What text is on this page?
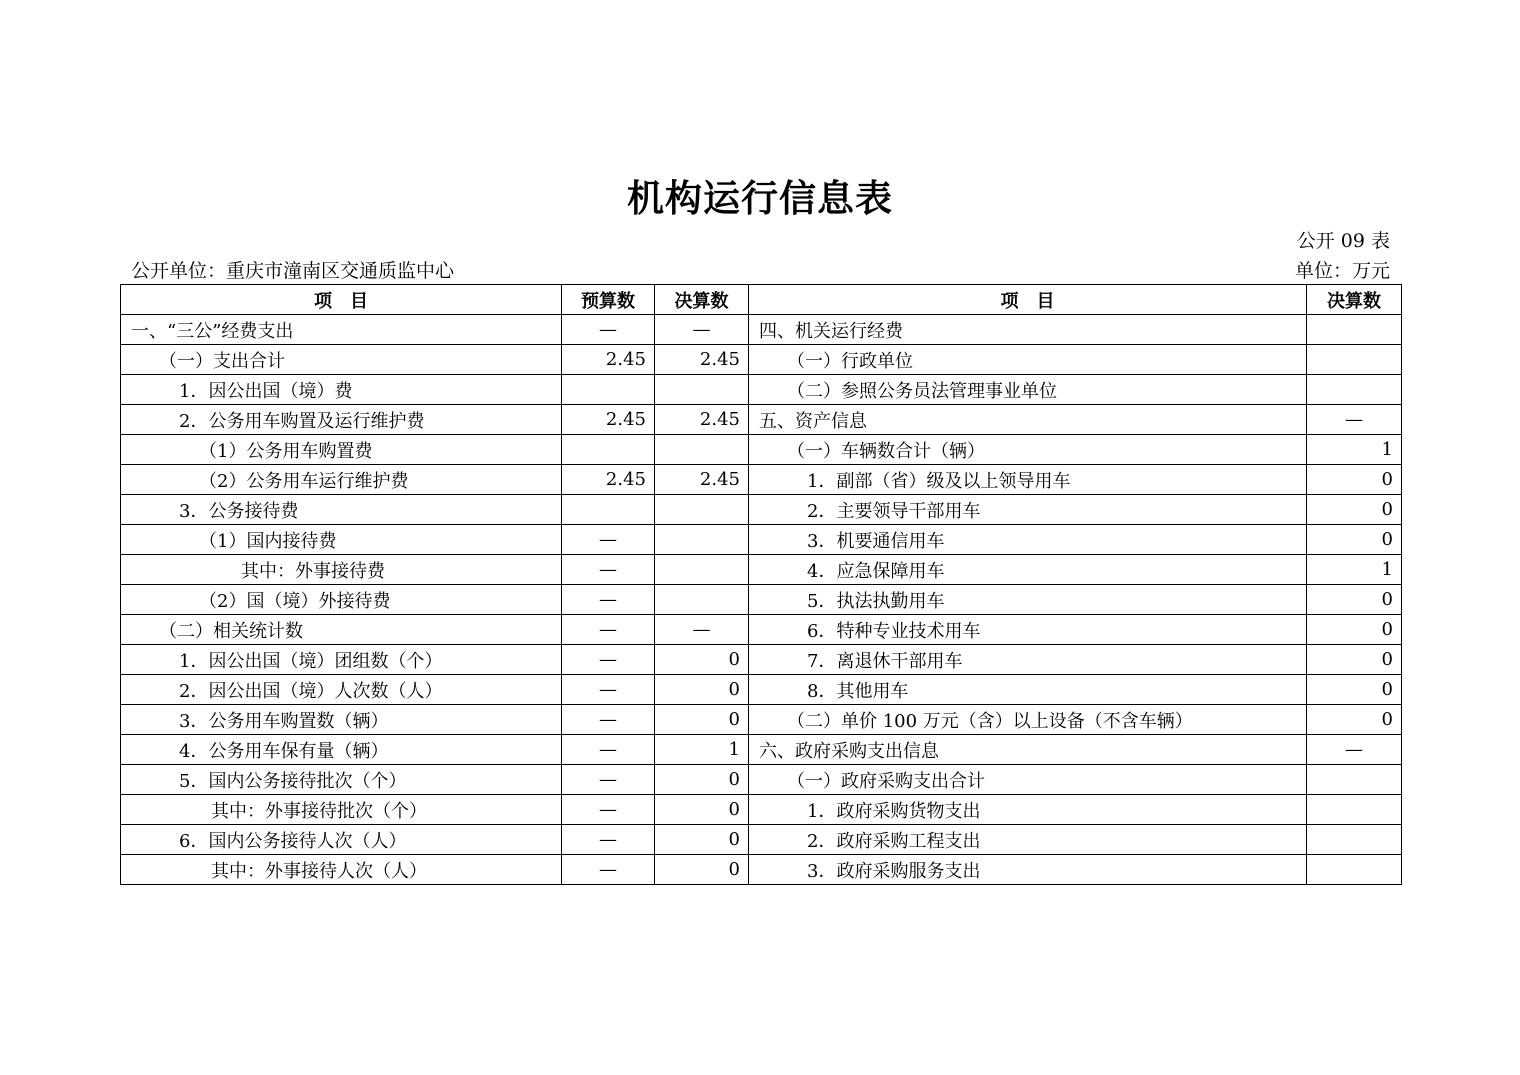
机构运行信息表
公开 09 表
公开单位：重庆市潼南区交通质监中心	单位：万元
项　目	预算数	决算数	项　目	决算数
一、“三公”经费支出	—	—	四、机关运行经费	
（一）支出合计	2.45	2.45	（一）行政单位	
1．因公出国（境）费			（二）参照公务员法管理事业单位	
2．公务用车购置及运行维护费	2.45	2.45	五、资产信息	—
（1）公务用车购置费			（一）车辆数合计（辆）	1
（2）公务用车运行维护费	2.45	2.45	1．副部（省）级及以上领导用车	0
3．公务接待费			2．主要领导干部用车	0
（1）国内接待费	—		3．机要通信用车	0
其中：外事接待费	—		4．应急保障用车	1
（2）国（境）外接待费	—		5．执法执勤用车	0
（二）相关统计数	—	—	6．特种专业技术用车	0
1．因公出国（境）团组数（个）	—	0	7．离退休干部用车	0
2．因公出国（境）人次数（人）	—	0	8．其他用车	0
3．公务用车购置数（辆）	—	0	（二）单价 100 万元（含）以上设备（不含车辆）	0
4．公务用车保有量（辆）	—	1	六、政府采购支出信息	—
5．国内公务接待批次（个）	—	0	（一）政府采购支出合计	
其中：外事接待批次（个）	—	0	1．政府采购货物支出	
6．国内公务接待人次（人）	—	0	2．政府采购工程支出	
其中：外事接待人次（人）	—	0	3．政府采购服务支出	
